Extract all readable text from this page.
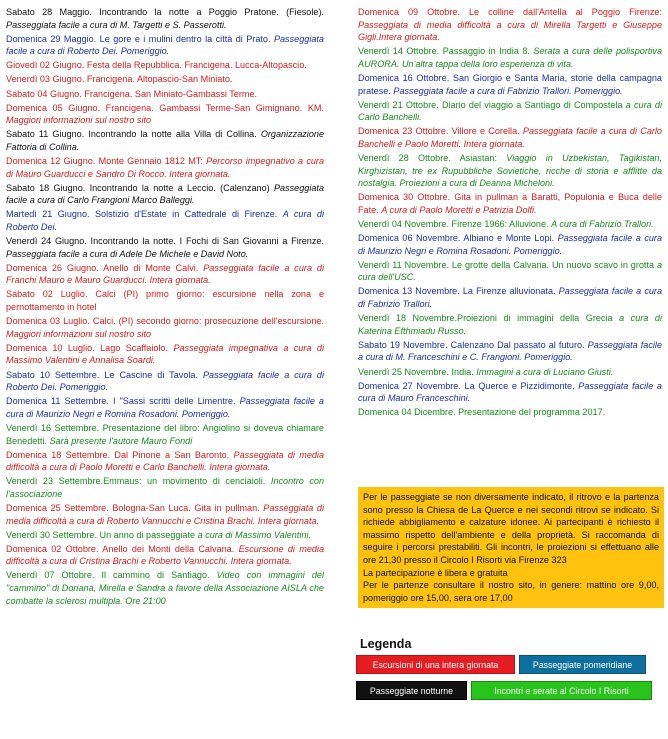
Sabato 28 Maggio. Incontrando la notte a Poggio Pratone. (Fiesole). Passeggiata facile a cura di M. Targetti e S. Passerotti.

Domenica 29 Maggio. Le gore e i mulini dentro la città di Prato. Passeggiata facile a cura di Roberto Dei. Pomeriggio.

Giovedì 02 Giugno. Festa della Repubblica. Francigena. Lucca-Altopascio.

Venerdì 03 Giugno. Francigena. Altopascio-San Miniato.

Sabato 04 Giugno. Francigena. San Miniato-Gambassi Terme.

Domenica 05 Giugno. Francigena. Gambassi Terme-San Gimignano. KM. Maggiori informazioni sul nostro sito

Sabato 11 Giugno. Incontrando la notte alla Villa di Collina. Organizzazione Fattoria di Collina.

Domenica 12 Giugno. Monte Gennaio 1812 MT: Percorso impegnativo a cura di Mauro Guarducci e Sandro Di Rocco. Intera giornata.

Sabato 18 Giugno. Incontrando la notte a Leccio. (Calenzano) Passeggiata facile a cura di Carlo Frangioni Marco Balleggi.

Martedì 21 Giugno. Solstizio d'Estate in Cattedrale di Firenze. A cura di Roberto Dei.

Venerdì 24 Giugno. Incontrando la notte. I Fochi di San Giovanni a Firenze. Passeggiata facile a cura di Adele De Michele e David Noto.

Domenica 26 Giugno. Anello di Monte Calvi. Passeggiata facile a cura di Franchi Mauro e Mauro Guarducci. Intera giornata.

Sabato 02 Luglio. Calci (PI) primo giorno: escursione nella zona e pernottamento in hotel

Domenica 03 Luglio. Calci. (PI) secondo giorno: prosecuzione dell'escursione. Maggiori informazioni sul nostro sito

Domenica 10 Luglio. Lago Scaffaiolo. Passeggiata impegnativa a cura di Massimo Valentini e Annalisa Soardi.

Sabato 10 Settembre. Le Cascine di Tavola. Passeggiata facile a cura di Roberto Dei. Pomeriggio.

Domenica 11 Settembre. I "Sassi scritti delle Limentre. Passeggiata facile a cura di Maurizio Negri e Romina Rosadoni. Pomeriggio.

Venerdì 16 Settembre. Presentazione del libro: Angiolino si doveva chiamare Benedetti. Sarà presente l'autore Mauro Fondi

Domenica 18 Settembre. Dal Pinone a San Baronto. Passeggiata di media difficoltà a cura di Paolo Moretti e Carlo Banchelli. Intera giornata.

Venerdì 23 Settembre.Emmaus: un movimento di cenciaioli. Incontro con l'associazione

Domenica 25 Settembre. Bologna-San Luca. Gita in pullman. Passeggiata di media difficoltà a cura di Roberto Vannucchi e Cristina Brachi. Intera giornata.

Venerdì 30 Settembre. Un anno di passeggiate a cura di Massimo Valentini.

Domenica 02 Ottobre. Anello dei Monti della Calvana. Escursione di media difficoltà a cura di Cristina Brachi e Roberto Vannucchi. Intera giornata.

Venerdì 07 Ottobre. Il cammino di Santiago. Video con immagini del "cammino" di Doriana, Mirella e Sandra a favore della Associazione AISLA che combatte la sclerosi multipla. Ore 21:00

Domenica 09 Ottobre. Le colline dall'Antella al Poggio Firenze: Passeggiata di media difficoltà a cura di Mirella Targetti e Giuseppe Gigli.Intera giornata.

Venerdì 14 Ottobre. Passaggio in India 8. Serata a cura delle polisportiva AURORA. Un'altra tappa della loro esperienza di vita.

Domenica 16 Ottobre. San Giorgio e Santa Maria, storie della campagna pratese. Passeggiata facile a cura di Fabrizio Trallori. Pomeriggio.

Venerdì 21 Ottobre. Diario del viaggio a Santiago di Compostela a cura di Carlo Banchelli.

Domenica 23 Ottobre. Villore e Corella. Passeggiata facile a cura di Carlo Banchelli e Paolo Moretti. Intera giornata.

Venerdì 28 Ottobre. Asiastan: Viaggio in Uzbekistan, Tagikistan, Kirghizistan, tre ex Rupubbliche Sovietiche, ricche di storia e afflitte da nostalgia. Proiezioni a cura di Deanna Micheloni.

Domenica 30 Ottobre. Gita in pullman a Baratti, Populonia e Buca delle Fate. A cura di Paolo Moretti e Patrizia Dolfi.

Venerdì 04 Novembre. Firenze 1966: Alluvione. A cura di Fabrizio Trallori.

Domenica 06 Novembre. Albiano e Monte Lopi. Passeggiata facile a cura di Maurizio Negri e Romina Rosadoni. Pomeriggio.

Venerdì 11 Novembre. Le grotte della Calvana. Un nuovo scavo in grotta a cura dell'USC.

Domenica 13 Novembre. La Firenze alluvionata. Passeggiata facile a cura di Fabrizio Trallori.

Venerdì 18 Novembre.Proiezioni di immagini della Grecia a cura di Katerina Efthmiadu Russo.

Sabato 19 Novembre. Calenzano Dal passato al futuro. Passeggiata facile a cura di M. Franceschini e C. Frangioni. Pomeriggio.

Venerdì 25 Novembre. India. Immagini a cura di Luciano Giusti.

Domenica 27 Novembre. La Querce e Pizzidimonte. Passeggiata facile a cura di Mauro Franceschini.

Domenica 04 Dicembre. Presentazione del programma 2017.

Per le passeggiate se non diversamente indicato, il ritrovo e la partenza sono presso la Chiesa de La Querce e nei secondi ritrovi se indicato. Si richiede abbigliamento e calzature idonee. Ai partecipanti è richiesto il massimo rispetto dell'ambiente e della proprietà. Si raccomanda di seguire i percorsi prestabiliti. Gli incontri, le proiezioni si effettuano alle ore 21,30 presso il Circolo I Risorti via Firenze 323

La partecipazione è libera e gratuita

Per le partenze consultare il nostro sito, in genere: mattino ore 9,00, pomeriggio ore 15,00, sera ore 17,00

Legenda
Escursioni di una intera giornata	Passeggiate pomeridiane
Passeggiate notturne	Incontri e serate al Circolo I Risorti
